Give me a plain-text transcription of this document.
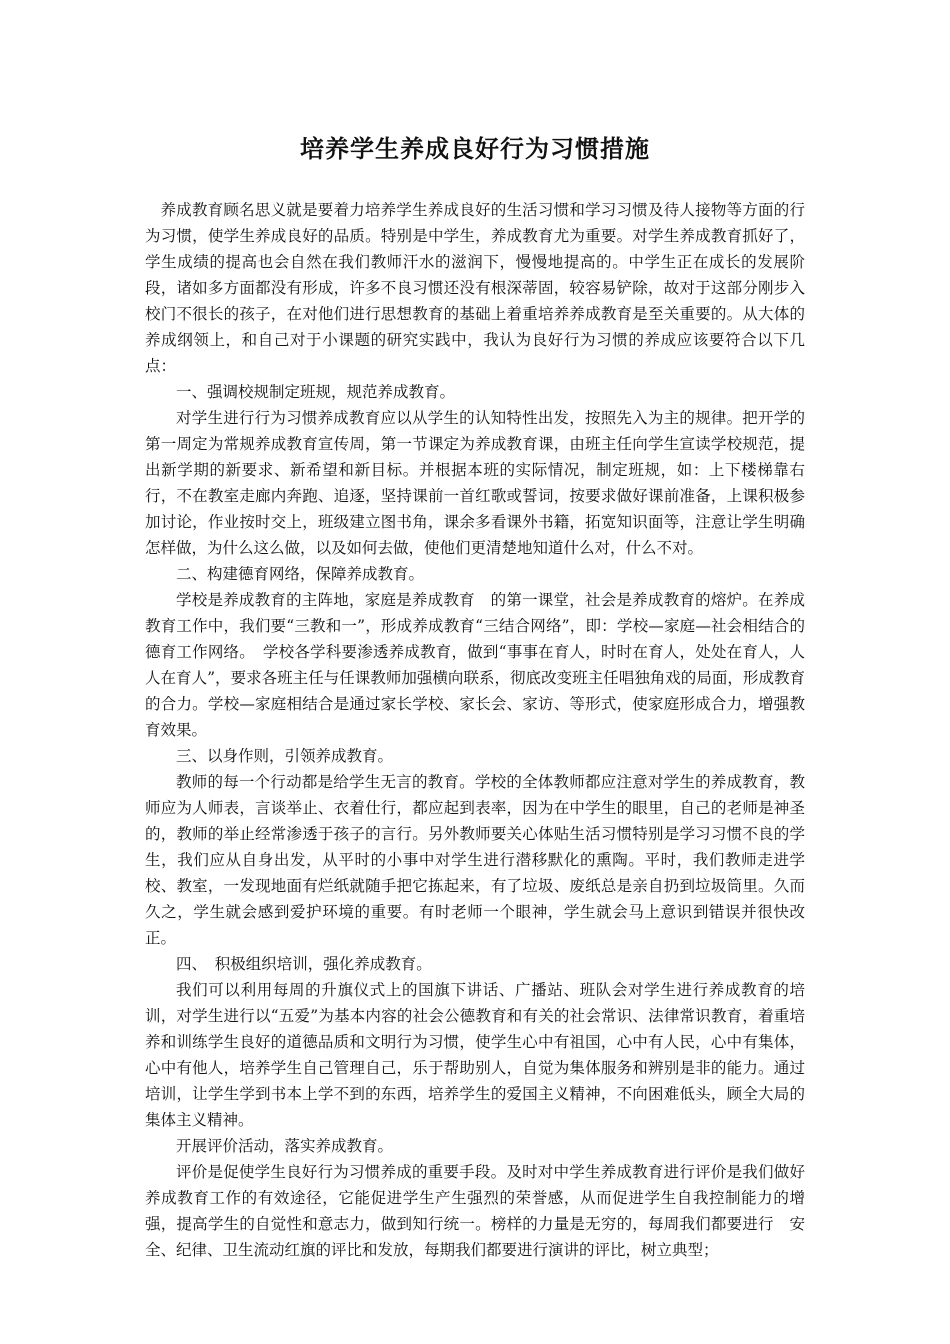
培养学生养成良好行为习惯措施

养成教育顾名思义就是要着力培养学生养成良好的生活习惯和学习习惯及待人接物等方面的行为习惯，使学生养成良好的品质。特别是中学生，养成教育尤为重要。对学生养成教育抓好了，学生成绩的提高也会自然在我们教师汗水的滋润下，慢慢地提高的。中学生正在成长的发展阶段，诸如多方面都没有形成，许多不良习惯还没有根深蒂固，较容易铲除，故对于这部分刚步入校门不很长的孩子，在对他们进行思想教育的基础上着重培养养成教育是至关重要的。从大体的养成纲领上，和自己对于小课题的研究实践中，我认为良好行为习惯的养成应该要符合以下几点：

一、强调校规制定班规，规范养成教育。

对学生进行行为习惯养成教育应以从学生的认知特性出发，按照先入为主的规律。把开学的第一周定为常规养成教育宣传周，第一节课定为养成教育课，由班主任向学生宣读学校规范，提出新学期的新要求、新希望和新目标。并根据本班的实际情况，制定班规，如：上下楼梯靠右行，不在教室走廊内奔跑、追逐，坚持课前一首红歌或誓词，按要求做好课前准备，上课积极参加讨论，作业按时交上，班级建立图书角，课余多看课外书籍，拓宽知识面等，注意让学生明确怎样做，为什么这么做，以及如何去做，使他们更清楚地知道什么对，什么不对。

二、构建德育网络，保障养成教育。

学校是养成教育的主阵地，家庭是养成教育　的第一课堂，社会是养成教育的熔炉。在养成教育工作中，我们要“三教和一”，形成养成教育“三结合网络”，即：学校—家庭—社会相结合的德育工作网络。　学校各学科要渗透养成教育，做到“事事在育人，时时在育人，处处在育人，人人在育人”，要求各班主任与任课教师加强横向联系，彻底改变班主任唱独角戏的局面，形成教育的合力。学校—家庭相结合是通过家长学校、家长会、家访、等形式，使家庭形成合力，增强教育效果。

三、以身作则，引领养成教育。

教师的每一个行动都是给学生无言的教育。学校的全体教师都应注意对学生的养成教育，教师应为人师表，言谈举止、衣着仕行，都应起到表率，因为在中学生的眼里，自己的老师是神圣的，教师的举止经常渗透于孩子的言行。另外教师要关心体贴生活习惯特别是学习习惯不良的学生，我们应从自身出发，从平时的小事中对学生进行潜移默化的熏陶。平时，我们教师走进学校、教室，一发现地面有烂纸就随手把它拣起来，有了垃圾、废纸总是亲自扔到垃圾筒里。久而久之，学生就会感到爱护环境的重要。有时老师一个眼神，学生就会马上意识到错误并很快改正。

四、　积极组织培训，强化养成教育。

我们可以利用每周的升旗仪式上的国旗下讲话、广播站、班队会对学生进行养成教育的培训，对学生进行以“五爱”为基本内容的社会公德教育和有关的社会常识、法律常识教育，着重培养和训练学生良好的道德品质和文明行为习惯，使学生心中有祖国，心中有人民，心中有集体，心中有他人，培养学生自己管理自己，乐于帮助别人，自觉为集体服务和辨别是非的能力。通过培训，让学生学到书本上学不到的东西，培养学生的爱国主义精神，不向困难低头，顾全大局的集体主义精神。

开展评价活动，落实养成教育。

评价是促使学生良好行为习惯养成的重要手段。及时对中学生养成教育进行评价是我们做好养成教育工作的有效途径，它能促进学生产生强烈的荣誉感，从而促进学生自我控制能力的增强，提高学生的自觉性和意志力，做到知行统一。榜样的力量是无穷的，每周我们都要进行　安全、纪律、卫生流动红旗的评比和发放，每期我们都要进行演讲的评比，树立典型；
